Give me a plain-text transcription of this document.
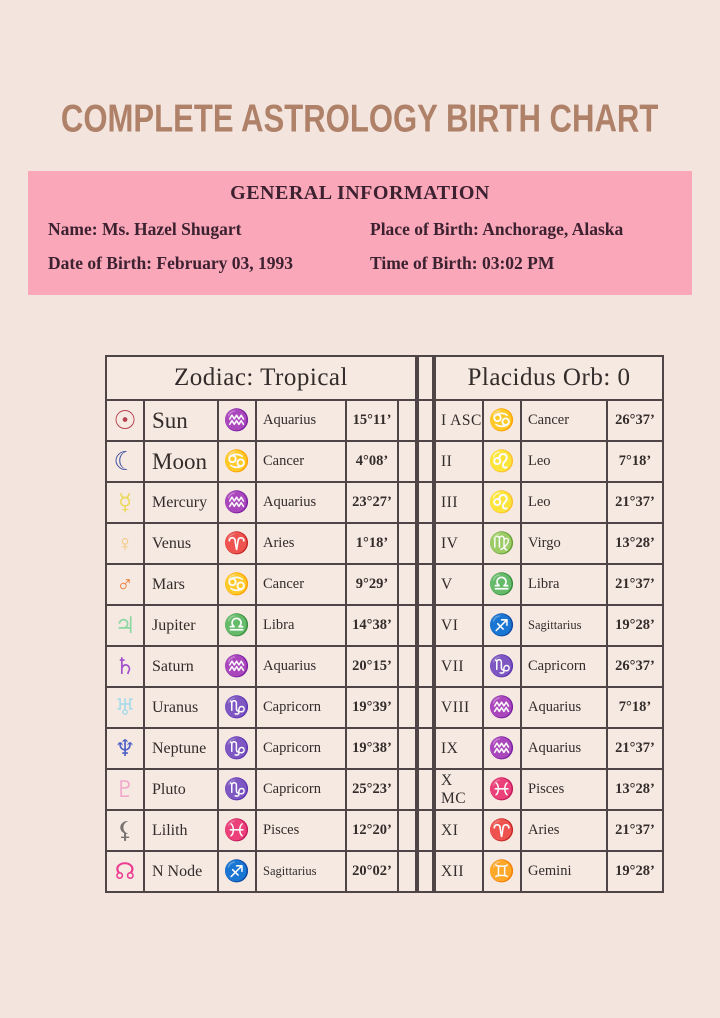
COMPLETE ASTROLOGY BIRTH CHART
GENERAL INFORMATION
Name: Ms. Hazel Shugart	Place of Birth: Anchorage, Alaska
Date of Birth: February 03, 1993	Time of Birth: 03:02 PM
Zodiac: Tropical					
☉	Sun	♒	Aquarius	15°11’	
☾	Moon	♋	Cancer	4°08’	
☿	Mercury	♒	Aquarius	23°27’	
♀	Venus	♈	Aries	1°18’	
♂	Mars	♋	Cancer	9°29’	
♃	Jupiter	♎	Libra	14°38’	
♄	Saturn	♒	Aquarius	20°15’	
♅	Uranus	♑	Capricorn	19°39’	
♆	Neptune	♑	Capricorn	19°38’	
♇	Pluto	♑	Capricorn	25°23’	
⚸	Lilith	♓	Pisces	12°20’	
☊	N Node	♐	Sagittarius	20°02’	

Placidus Orb: 0			
I ASC	♋	Cancer	26°37’
II	♌	Leo	7°18’
III	♌	Leo	21°37’
IV	♍	Virgo	13°28’
V	♎	Libra	21°37’
VI	♐	Sagittarius	19°28’
VII	♑	Capricorn	26°37’
VIII	♒	Aquarius	7°18’
IX	♒	Aquarius	21°37’
X MC	♓	Pisces	13°28’
XI	♈	Aries	21°37’
XII	♊	Gemini	19°28’
